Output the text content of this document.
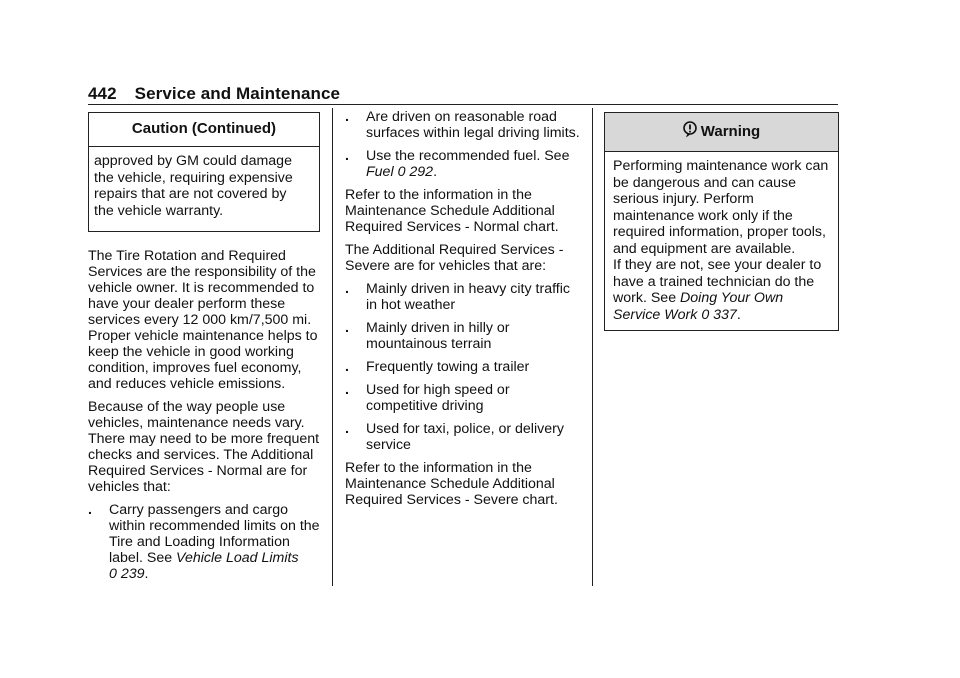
442 Service and Maintenance
Caution (Continued)
approved by GM could damage
the vehicle, requiring expensive
repairs that are not covered by
the vehicle warranty.

The Tire Rotation and Required Services are the responsibility of the vehicle owner. It is recommended to have your dealer perform these services every 12 000 km/7,500 mi. Proper vehicle maintenance helps to keep the vehicle in good working condition, improves fuel economy, and reduces vehicle emissions.

Because of the way people use vehicles, maintenance needs vary. There may need to be more frequent checks and services. The Additional Required Services - Normal are for vehicles that:

. Carry passengers and cargo within recommended limits on the Tire and Loading Information label. See Vehicle Load Limits
0 239.
. Are driven on reasonable road surfaces within legal driving limits.
. Use the recommended fuel. See
Fuel 0 292.

Refer to the information in the Maintenance Schedule Additional Required Services - Normal chart.

The Additional Required Services - Severe are for vehicles that are:

. Mainly driven in heavy city traffic in hot weather
. Mainly driven in hilly or mountainous terrain
. Frequently towing a trailer
. Used for high speed or competitive driving
. Used for taxi, police, or delivery service

Refer to the information in the Maintenance Schedule Additional Required Services - Severe chart.

Warning
Performing maintenance work can be dangerous and can cause serious injury. Perform maintenance work only if the required information, proper tools, and equipment are available.
If they are not, see your dealer to have a trained technician do the work. See Doing Your Own Service Work 0 337.
